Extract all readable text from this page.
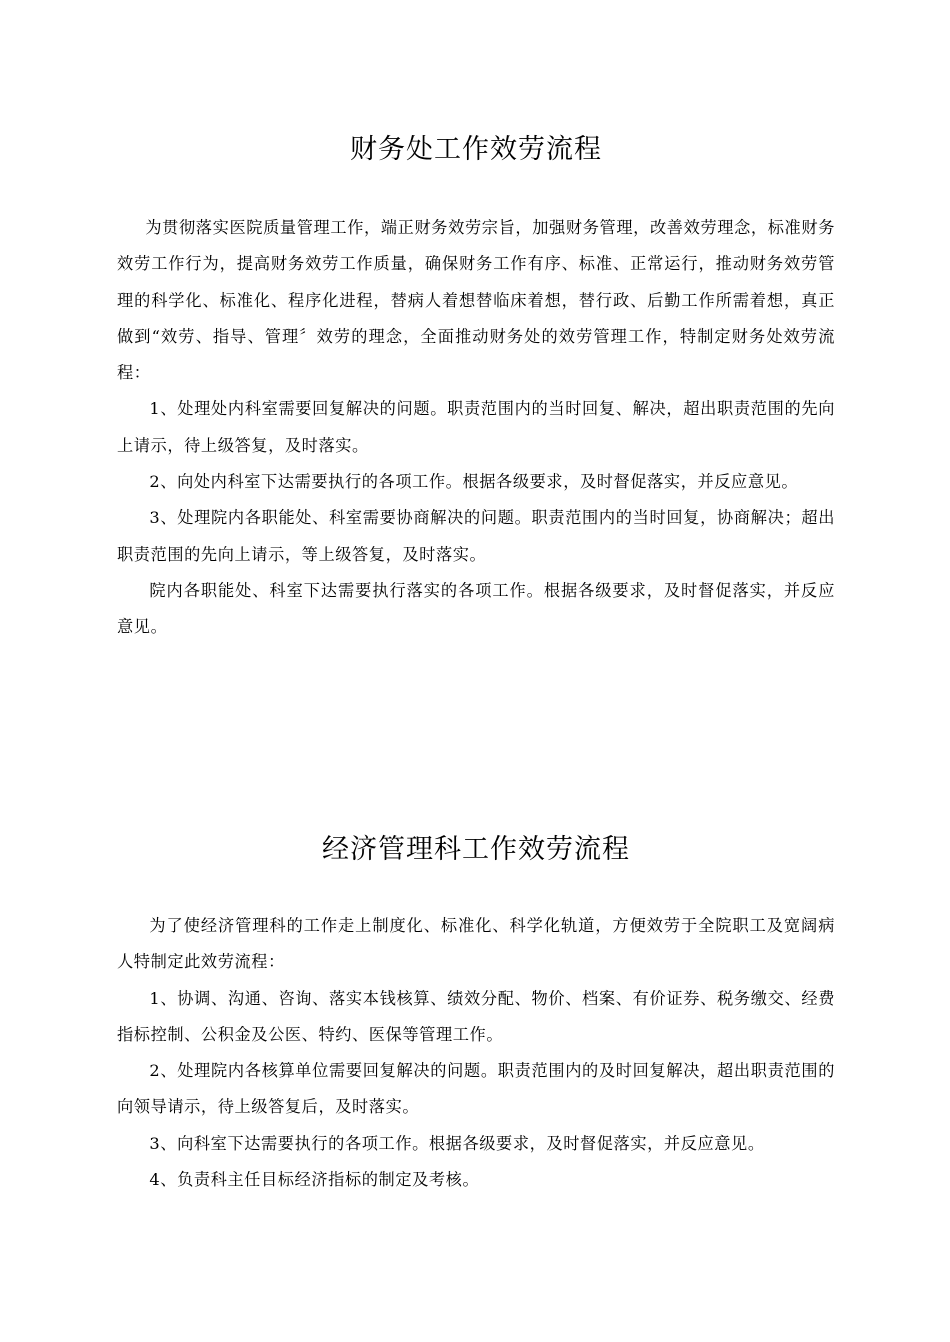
财务处工作效劳流程

为贯彻落实医院质量管理工作，端正财务效劳宗旨，加强财务管理，改善效劳理念，标准财务效劳工作行为，提高财务效劳工作质量，确保财务工作有序、标准、正常运行，推动财务效劳管理的科学化、标准化、程序化进程，替病人着想替临床着想，替行政、后勤工作所需着想，真正做到“效劳、指导、管理〞效劳的理念，全面推动财务处的效劳管理工作，特制定财务处效劳流程：

1、处理处内科室需要回复解决的问题。职责范围内的当时回复、解决，超出职责范围的先向上请示，待上级答复，及时落实。

2、向处内科室下达需要执行的各项工作。根据各级要求，及时督促落实，并反应意见。

3、处理院内各职能处、科室需要协商解决的问题。职责范围内的当时回复，协商解决；超出职责范围的先向上请示，等上级答复，及时落实。

院内各职能处、科室下达需要执行落实的各项工作。根据各级要求，及时督促落实，并反应意见。

经济管理科工作效劳流程

为了使经济管理科的工作走上制度化、标准化、科学化轨道，方便效劳于全院职工及宽阔病人特制定此效劳流程：

1、协调、沟通、咨询、落实本钱核算、绩效分配、物价、档案、有价证券、税务缴交、经费指标控制、公积金及公医、特约、医保等管理工作。

2、处理院内各核算单位需要回复解决的问题。职责范围内的及时回复解决，超出职责范围的向领导请示，待上级答复后，及时落实。

3、向科室下达需要执行的各项工作。根据各级要求，及时督促落实，并反应意见。

4、负责科主任目标经济指标的制定及考核。
